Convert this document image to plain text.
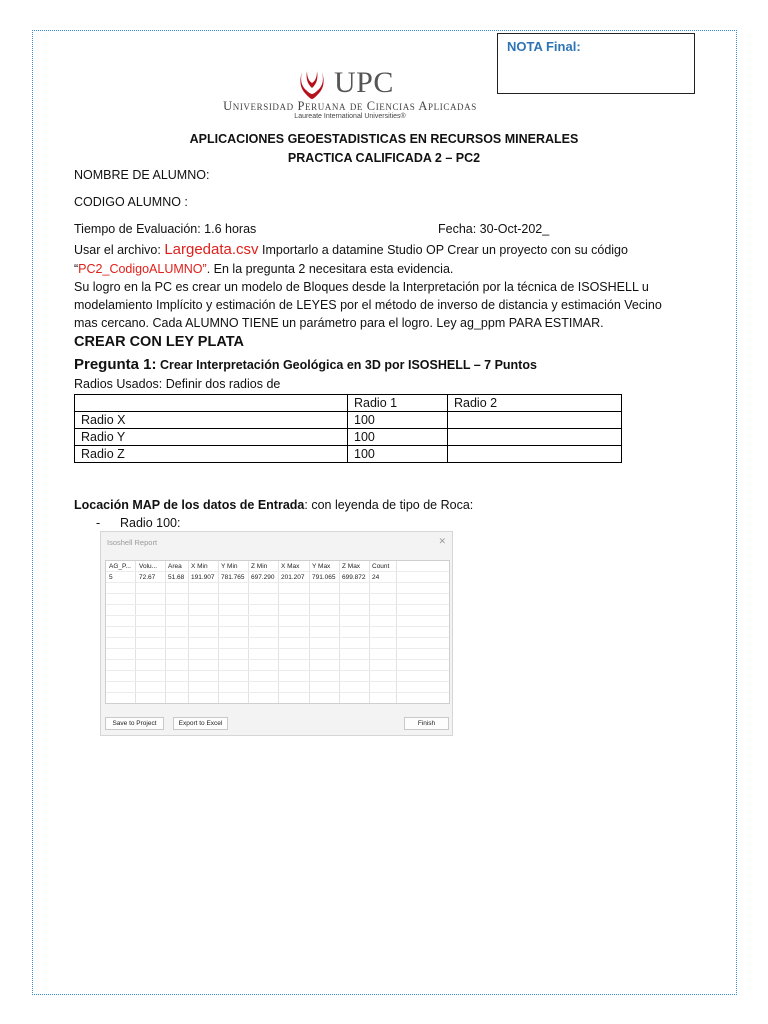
NOTA Final:
UPC
Universidad Peruana de Ciencias Aplicadas
Laureate International Universities®
APLICACIONES GEOESTADISTICAS EN RECURSOS MINERALES
PRACTICA CALIFICADA 2 – PC2
NOMBRE DE ALUMNO:
CODIGO ALUMNO :
Tiempo de Evaluación: 1.6 horas	Fecha: 30-Oct-202_
Usar el archivo: Largedata.csv Importarlo a datamine Studio OP Crear un proyecto con su código
“PC2_CodigoALUMNO”. En la pregunta 2 necesitara esta evidencia.
Su logro en la PC es crear un modelo de Bloques desde la Interpretación por la técnica de ISOSHELL u
modelamiento Implícito y estimación de LEYES por el método de inverso de distancia y estimación Vecino
mas cercano. Cada ALUMNO TIENE un parámetro para el logro. Ley ag_ppm PARA ESTIMAR.
CREAR CON LEY PLATA
Pregunta 1: Crear Interpretación Geológica en 3D por ISOSHELL – 7 Puntos
Radios Usados: Definir dos radios de
	Radio 1	Radio 2
Radio X	100	
Radio Y	100	
Radio Z	100	
Locación MAP de los datos de Entrada: con leyenda de tipo de Roca:
- Radio 100:
Isoshell Report	✕
AG_P... Volu... Area X Min Y Min Z Min X Max Y Max Z Max Count
5	72.67 51.68 191.907 781.765 697.290 201.207 791.065 699.872 24
Save to Project	Export to Excel	Finish
